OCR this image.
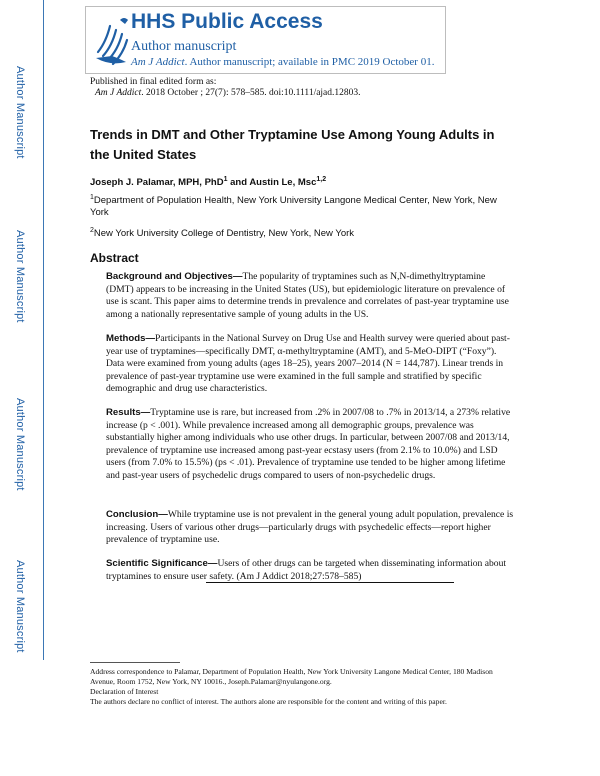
Author Manuscript
Author Manuscript
Author Manuscript
Author Manuscript
HHS Public Access
Author manuscript
Am J Addict. Author manuscript; available in PMC 2019 October 01.
Published in final edited form as:
Am J Addict. 2018 October ; 27(7): 578–585. doi:10.1111/ajad.12803.
Trends in DMT and Other Tryptamine Use Among Young Adults in the United States
Joseph J. Palamar, MPH, PhD$^1$ and Austin Le, Msc$^{1,2}$
$^1$Department of Population Health, New York University Langone Medical Center, New York, New York
$^2$New York University College of Dentistry, New York, New York
Abstract
Background and Objectives—The popularity of tryptamines such as N,N-dimethyltryptamine (DMT) appears to be increasing in the United States (US), but epidemiologic literature on prevalence of use is scant. This paper aims to determine trends in prevalence and correlates of past-year tryptamine use among a nationally representative sample of young adults in the US.
Methods—Participants in the National Survey on Drug Use and Health survey were queried about past-year use of tryptamines—specifically DMT, α-methyltryptamine (AMT), and 5-MeO-DIPT (“Foxy”). Data were examined from young adults (ages 18–25), years 2007–2014 (N = 144,787). Linear trends in prevalence of past-year tryptamine use were examined in the full sample and stratified by specific demographic and drug use characteristics.
Results—Tryptamine use is rare, but increased from .2% in 2007/08 to .7% in 2013/14, a 273% relative increase (p < .001). While prevalence increased among all demographic groups, prevalence was substantially higher among individuals who use other drugs. In particular, between 2007/08 and 2013/14, prevalence of tryptamine use increased among past-year ecstasy users (from 2.1% to 10.0%) and LSD users (from 7.0% to 15.5%) (ps < .01). Prevalence of tryptamine use tended to be higher among lifetime and past-year users of psychedelic drugs compared to users of non-psychedelic drugs.
Conclusion—While tryptamine use is not prevalent in the general young adult population, prevalence is increasing. Users of various other drugs—particularly drugs with psychedelic effects—report higher prevalence of tryptamine use.
Scientific Significance—Users of other drugs can be targeted when disseminating information about tryptamines to ensure user safety. (Am J Addict 2018;27:578–585)
Address correspondence to Palamar, Department of Population Health, New York University Langone Medical Center, 180 Madison Avenue, Room 1752, New York, NY 10016., Joseph.Palamar@nyulangone.org.
Declaration of Interest
The authors declare no conflict of interest. The authors alone are responsible for the content and writing of this paper.
